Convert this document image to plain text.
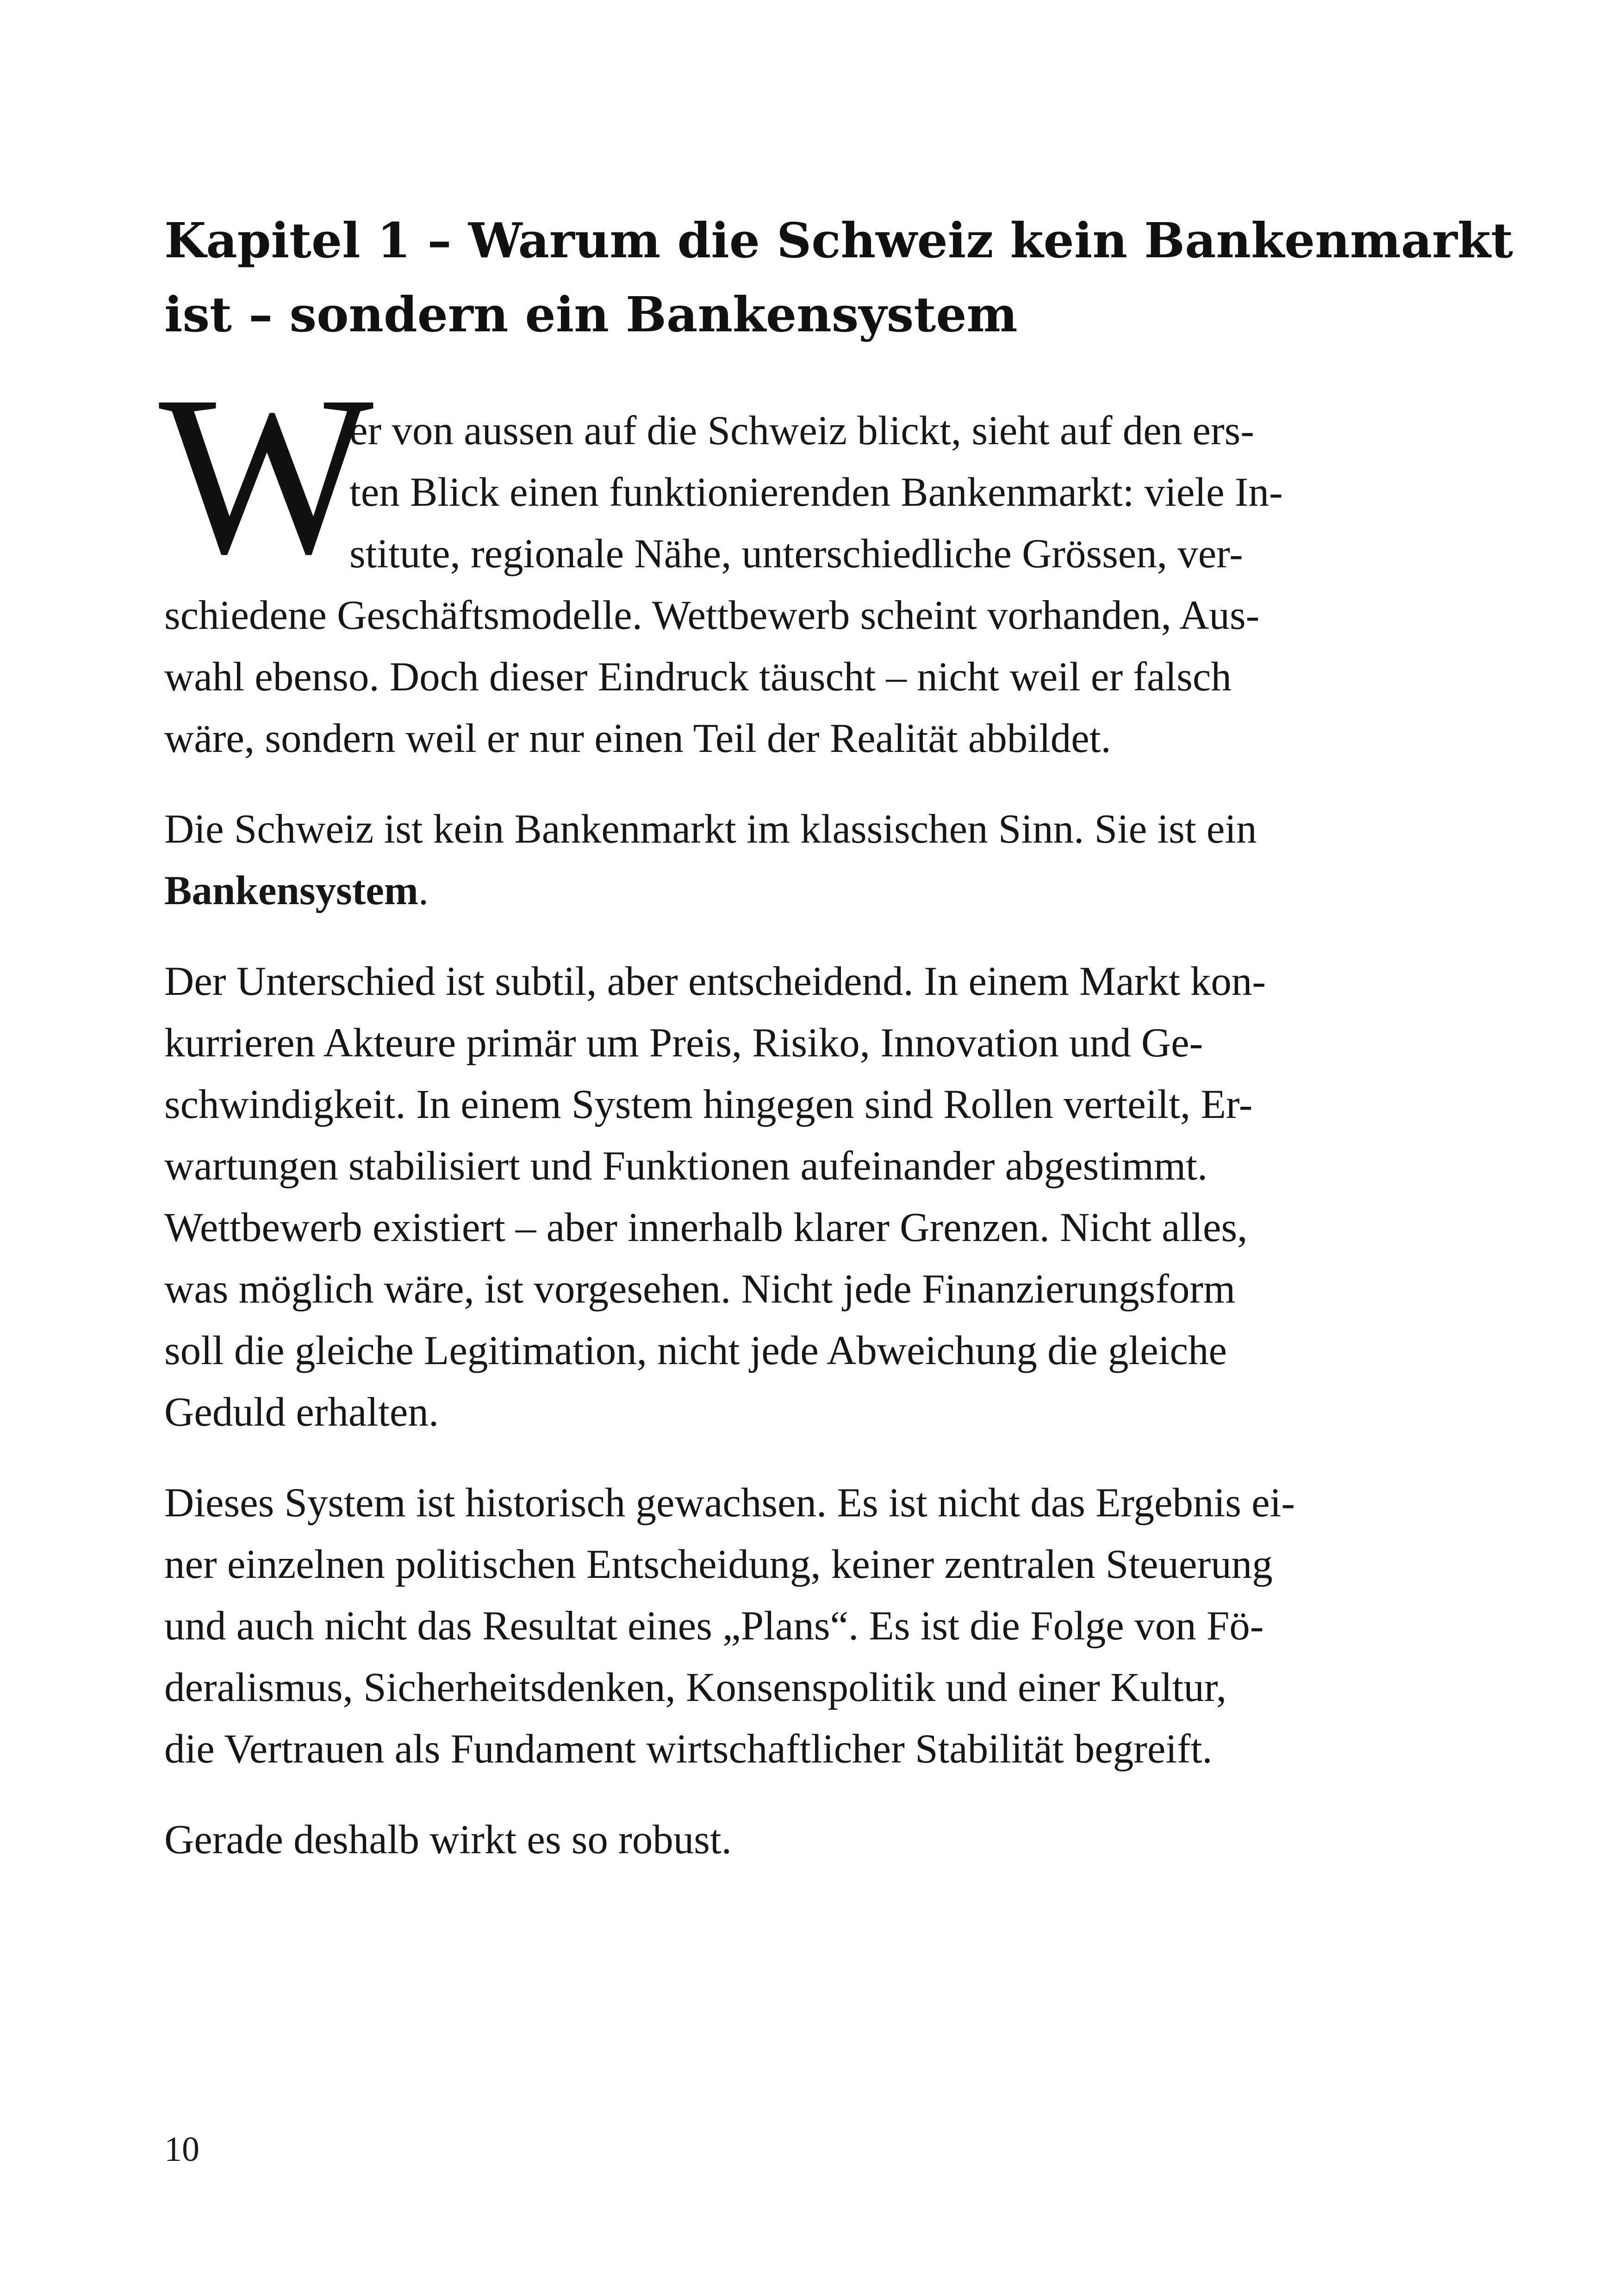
Kapitel 1 – Warum die Schweiz kein Bankenmarkt
ist – sondern ein Bankensystem
W
er von aussen auf die Schweiz blickt, sieht auf den ers-
ten Blick einen funktionierenden Bankenmarkt: viele In-
stitute, regionale Nähe, unterschiedliche Grössen, ver-
schiedene Geschäftsmodelle. Wettbewerb scheint vorhanden, Aus-
wahl ebenso. Doch dieser Eindruck täuscht – nicht weil er falsch
wäre, sondern weil er nur einen Teil der Realität abbildet.

Die Schweiz ist kein Bankenmarkt im klassischen Sinn. Sie ist ein
Bankensystem.

Der Unterschied ist subtil, aber entscheidend. In einem Markt kon-
kurrieren Akteure primär um Preis, Risiko, Innovation und Ge-
schwindigkeit. In einem System hingegen sind Rollen verteilt, Er-
wartungen stabilisiert und Funktionen aufeinander abgestimmt.
Wettbewerb existiert – aber innerhalb klarer Grenzen. Nicht alles,
was möglich wäre, ist vorgesehen. Nicht jede Finanzierungsform
soll die gleiche Legitimation, nicht jede Abweichung die gleiche
Geduld erhalten.

Dieses System ist historisch gewachsen. Es ist nicht das Ergebnis ei-
ner einzelnen politischen Entscheidung, keiner zentralen Steuerung
und auch nicht das Resultat eines „Plans“. Es ist die Folge von Fö-
deralismus, Sicherheitsdenken, Konsenspolitik und einer Kultur,
die Vertrauen als Fundament wirtschaftlicher Stabilität begreift.

Gerade deshalb wirkt es so robust.

10
